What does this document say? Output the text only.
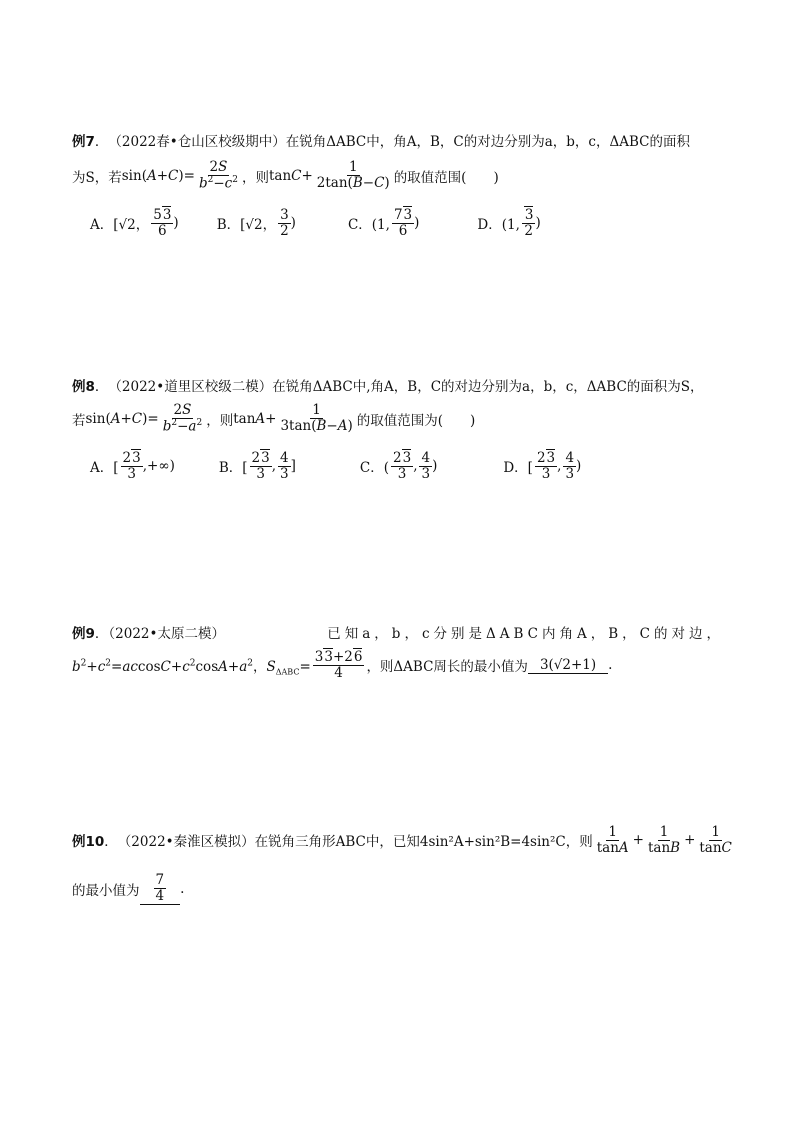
例7 ． （2022春•仓山区校级期中） 在锐角ΔABC中，角A，B，C的对边分别为a，b，c，ΔABC的面积
为S，若 $\sin(A+C)= \frac{2S}{b^2-c^2}$ ，则 $\tan C+ \frac{1}{2\tan(B-C)}$ 的取值范围(　　)
A．[√2， $\frac{53}{6}$ )	B．[√2， $\frac{3}{2}$ )	C．(1, $\frac{73}{6}$ )	D．(1, $\frac{3}{2}$ )
例8 ． （2022•道里区校级二模） 在锐角ΔABC中,角A，B，C的对边分别为a，b，c，ΔABC的面积为S，
若 $\sin(A+C)= \frac{2S}{b^2-a^2}$ ，则 $\tan A+ \frac{1}{3\tan(B-A)}$ 的取值范围为(　　)
A．[ $\frac{23}{3}$ ,+∞)	B．[ $\frac{23}{3}$ , $\frac{4}{3}$ ]	C．( $\frac{23}{3}$ , $\frac{4}{3}$ )	D．[ $\frac{23}{3}$ , $\frac{4}{3}$ )
例9．（2022•太原二模）	已知a，b，c分别是ΔABC内角A，B，C的对边，
$b^2+c^2=accosC+c^2\cos A+a^2$，$S_{\Delta ABC}= \frac{33+26}{4}$ ，则ΔABC周长的最小值为 3(√2+1) .
例10 ． （2022•秦淮区模拟） 在锐角三角形ABC中，已知4sin²A+sin²B=4sin²C，则 $\frac{1}{\tan A} + \frac{1}{\tan B} + \frac{1}{\tan C}$
的最小值为 $\frac{7}{4}$ .
